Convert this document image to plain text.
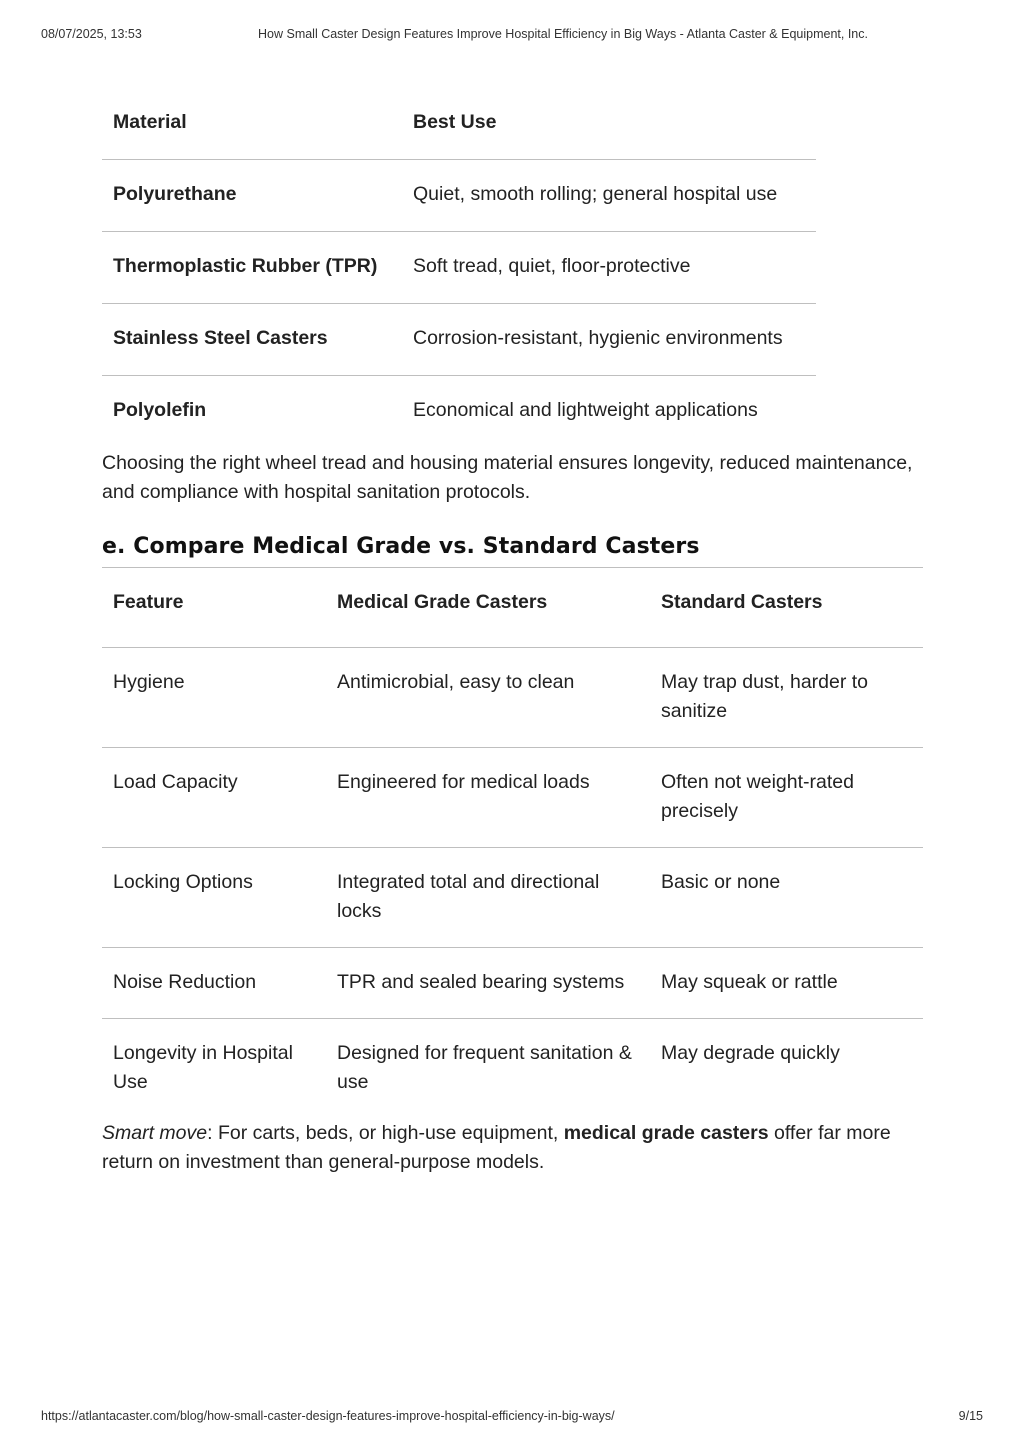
08/07/2025, 13:53	How Small Caster Design Features Improve Hospital Efficiency in Big Ways - Atlanta Caster & Equipment, Inc.
Material	Best Use
Polyurethane	Quiet, smooth rolling; general hospital use
Thermoplastic Rubber (TPR)	Soft tread, quiet, floor-protective
Stainless Steel Casters	Corrosion-resistant, hygienic environments
Polyolefin	Economical and lightweight applications

Choosing the right wheel tread and housing material ensures longevity, reduced maintenance, and compliance with hospital sanitation protocols.

e. Compare Medical Grade vs. Standard Casters
Feature	Medical Grade Casters	Standard Casters
Hygiene	Antimicrobial, easy to clean	May trap dust, harder to sanitize
Load Capacity	Engineered for medical loads	Often not weight-rated precisely
Locking Options	Integrated total and directional locks	Basic or none
Noise Reduction	TPR and sealed bearing systems	May squeak or rattle
Longevity in Hospital Use	Designed for frequent sanitation & use	May degrade quickly

Smart move: For carts, beds, or high-use equipment, medical grade casters offer far more return on investment than general-purpose models.

https://atlantacaster.com/blog/how-small-caster-design-features-improve-hospital-efficiency-in-big-ways/	9/15
